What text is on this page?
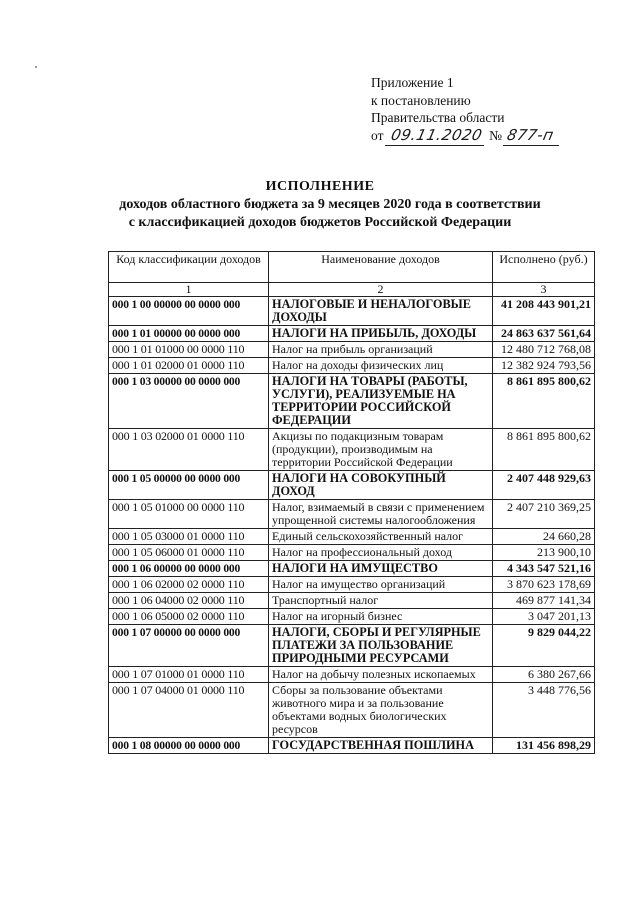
Приложение 1
к постановлению
Правительства области
от 09.11.2020 № 877-п
ИСПОЛНЕНИЕ
доходов областного бюджета за 9 месяцев 2020 года в соответствии
с классификацией доходов бюджетов Российской Федерации
Код классификации доходов	Наименование доходов	Исполнено (руб.)
1	2	3
000 1 00 00000 00 0000 000	НАЛОГОВЫЕ И НЕНАЛОГОВЫЕ ДОХОДЫ	41 208 443 901,21
000 1 01 00000 00 0000 000	НАЛОГИ НА ПРИБЫЛЬ, ДОХОДЫ	24 863 637 561,64
000 1 01 01000 00 0000 110	Налог на прибыль организаций	12 480 712 768,08
000 1 01 02000 01 0000 110	Налог на доходы физических лиц	12 382 924 793,56
000 1 03 00000 00 0000 000	НАЛОГИ НА ТОВАРЫ (РАБОТЫ, УСЛУГИ), РЕАЛИЗУЕМЫЕ НА ТЕРРИТОРИИ РОССИЙСКОЙ ФЕДЕРАЦИИ	8 861 895 800,62
000 1 03 02000 01 0000 110	Акцизы по подакцизным товарам (продукции), производимым на территории Российской Федерации	8 861 895 800,62
000 1 05 00000 00 0000 000	НАЛОГИ НА СОВОКУПНЫЙ ДОХОД	2 407 448 929,63
000 1 05 01000 00 0000 110	Налог, взимаемый в связи с применением упрощенной системы налогообложения	2 407 210 369,25
000 1 05 03000 01 0000 110	Единый сельскохозяйственный налог	24 660,28
000 1 05 06000 01 0000 110	Налог на профессиональный доход	213 900,10
000 1 06 00000 00 0000 000	НАЛОГИ НА ИМУЩЕСТВО	4 343 547 521,16
000 1 06 02000 02 0000 110	Налог на имущество организаций	3 870 623 178,69
000 1 06 04000 02 0000 110	Транспортный налог	469 877 141,34
000 1 06 05000 02 0000 110	Налог на игорный бизнес	3 047 201,13
000 1 07 00000 00 0000 000	НАЛОГИ, СБОРЫ И РЕГУЛЯРНЫЕ ПЛАТЕЖИ ЗА ПОЛЬЗОВАНИЕ ПРИРОДНЫМИ РЕСУРСАМИ	9 829 044,22
000 1 07 01000 01 0000 110	Налог на добычу полезных ископаемых	6 380 267,66
000 1 07 04000 01 0000 110	Сборы за пользование объектами животного мира и за пользование объектами водных биологических ресурсов	3 448 776,56
000 1 08 00000 00 0000 000	ГОСУДАРСТВЕННАЯ ПОШЛИНА	131 456 898,29
